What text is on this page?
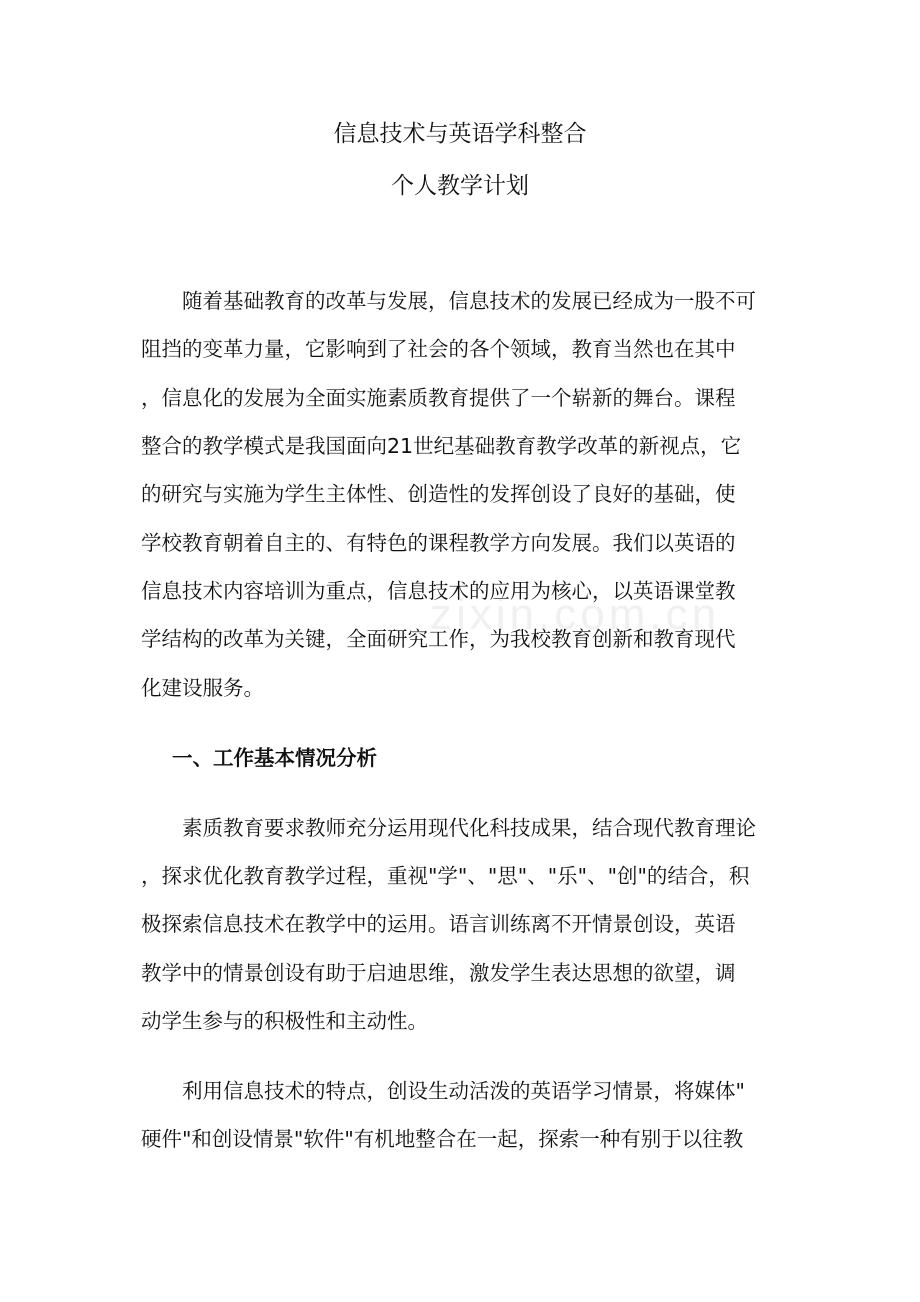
zixin.com.cn
信息技术与英语学科整合
个人教学计划
　　随着基础教育的改革与发展，信息技术的发展已经成为一股不可
阻挡的变革力量，它影响到了社会的各个领域，教育当然也在其中
，信息化的发展为全面实施素质教育提供了一个崭新的舞台。课程
整合的教学模式是我国面向21世纪基础教育教学改革的新视点，它
的研究与实施为学生主体性、创造性的发挥创设了良好的基础，使
学校教育朝着自主的、有特色的课程教学方向发展。我们以英语的
信息技术内容培训为重点，信息技术的应用为核心，以英语课堂教
学结构的改革为关键，全面研究工作，为我校教育创新和教育现代
化建设服务。
一、工作基本情况分析
　　素质教育要求教师充分运用现代化科技成果，结合现代教育理论
，探求优化教育教学过程，重视"学"、"思"、"乐"、"创"的结合，积
极探索信息技术在教学中的运用。语言训练离不开情景创设，英语
教学中的情景创设有助于启迪思维，激发学生表达思想的欲望，调
动学生参与的积极性和主动性。
　　利用信息技术的特点，创设生动活泼的英语学习情景，将媒体"
硬件"和创设情景"软件"有机地整合在一起，探索一种有别于以往教
